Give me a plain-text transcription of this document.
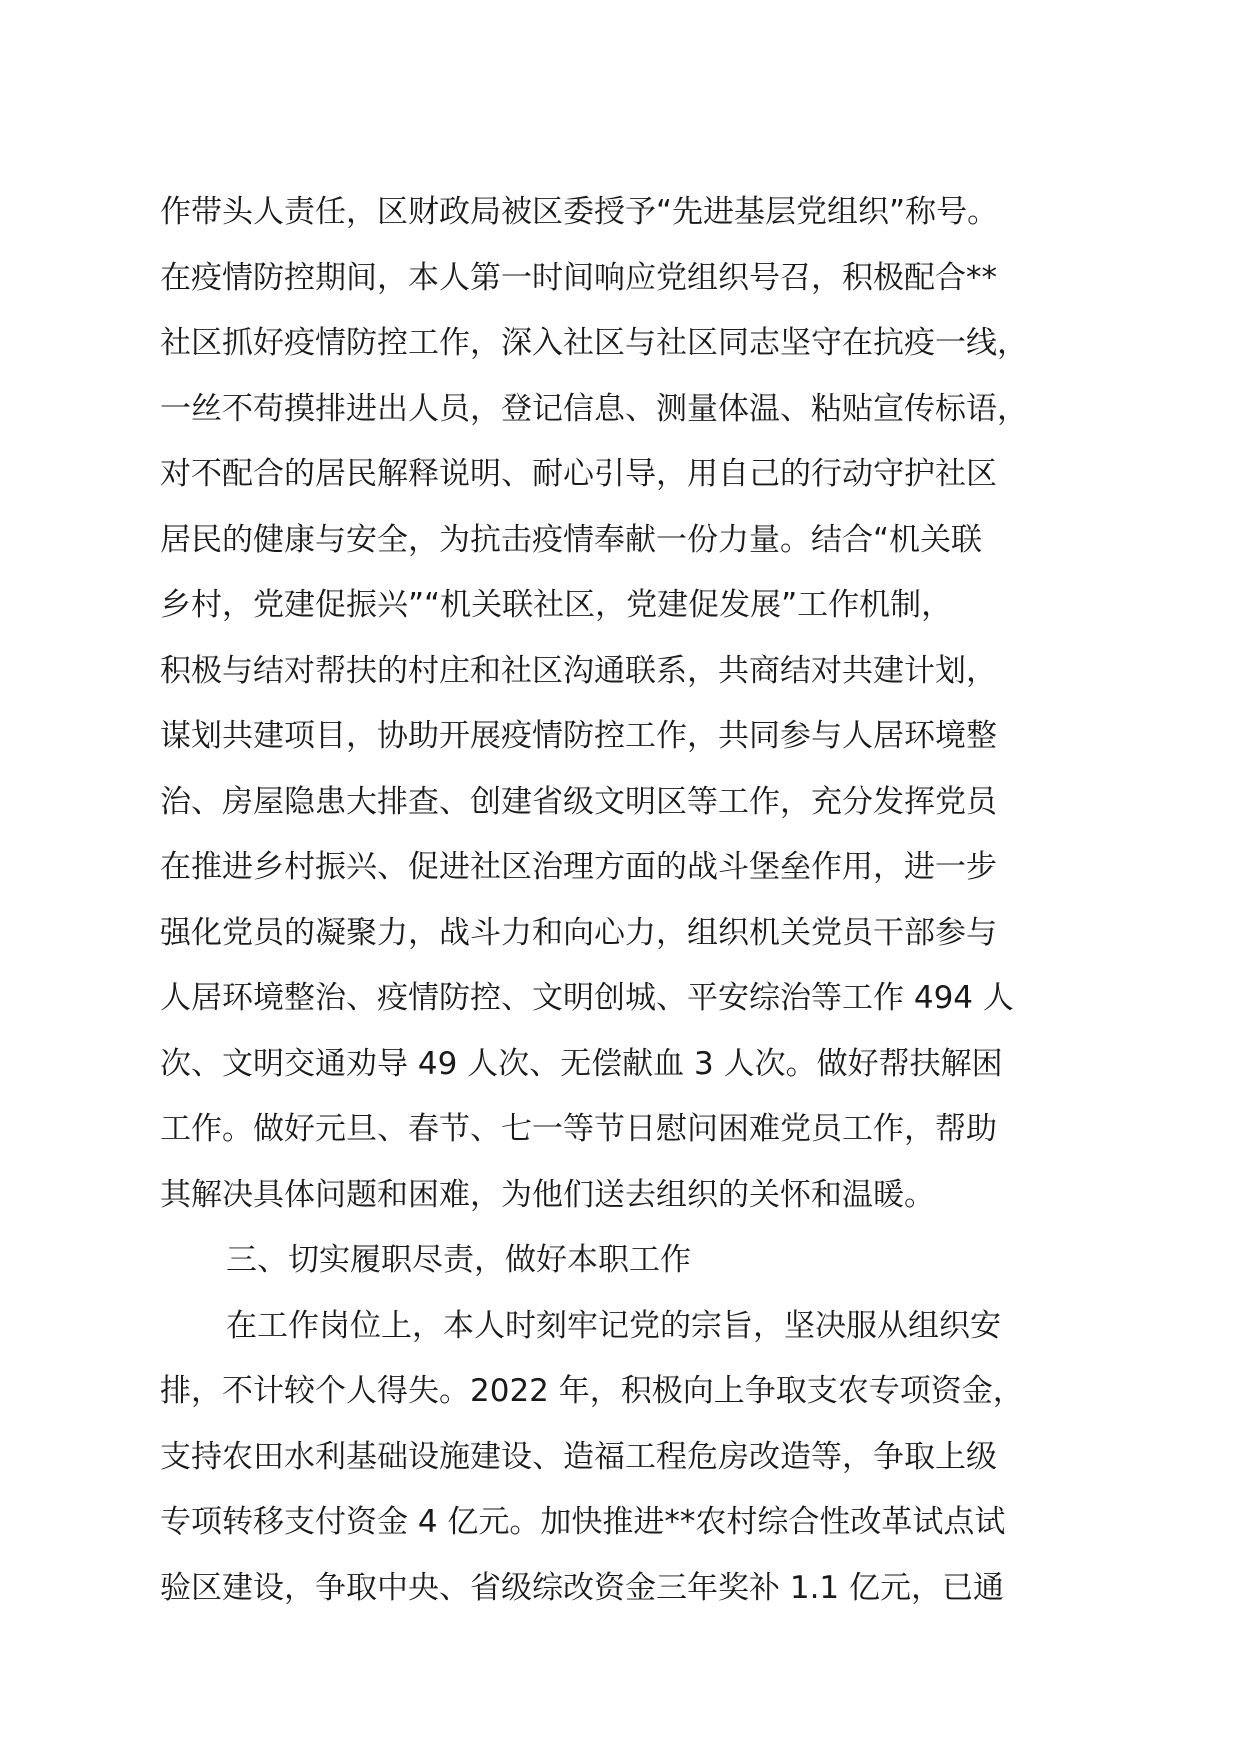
作带头人责任，区财政局被区委授予“先进基层党组织”称号。
在疫情防控期间，本人第一时间响应党组织号召，积极配合**
社区抓好疫情防控工作，深入社区与社区同志坚守在抗疫一线，
一丝不苟摸排进出人员，登记信息、测量体温、粘贴宣传标语，
对不配合的居民解释说明、耐心引导，用自己的行动守护社区
居民的健康与安全，为抗击疫情奉献一份力量。结合“机关联
乡村，党建促振兴”“机关联社区，党建促发展”工作机制，
积极与结对帮扶的村庄和社区沟通联系，共商结对共建计划，
谋划共建项目，协助开展疫情防控工作，共同参与人居环境整
治、房屋隐患大排查、创建省级文明区等工作，充分发挥党员
在推进乡村振兴、促进社区治理方面的战斗堡垒作用，进一步
强化党员的凝聚力，战斗力和向心力，组织机关党员干部参与
人居环境整治、疫情防控、文明创城、平安综治等工作 494 人
次、文明交通劝导 49 人次、无偿献血 3 人次。做好帮扶解困
工作。做好元旦、春节、七一等节日慰问困难党员工作，帮助
其解决具体问题和困难，为他们送去组织的关怀和温暖。
三、切实履职尽责，做好本职工作
在工作岗位上，本人时刻牢记党的宗旨，坚决服从组织安
排，不计较个人得失。2022 年，积极向上争取支农专项资金，
支持农田水利基础设施建设、造福工程危房改造等，争取上级
专项转移支付资金 4 亿元。加快推进**农村综合性改革试点试
验区建设，争取中央、省级综改资金三年奖补 1.1 亿元，已通
